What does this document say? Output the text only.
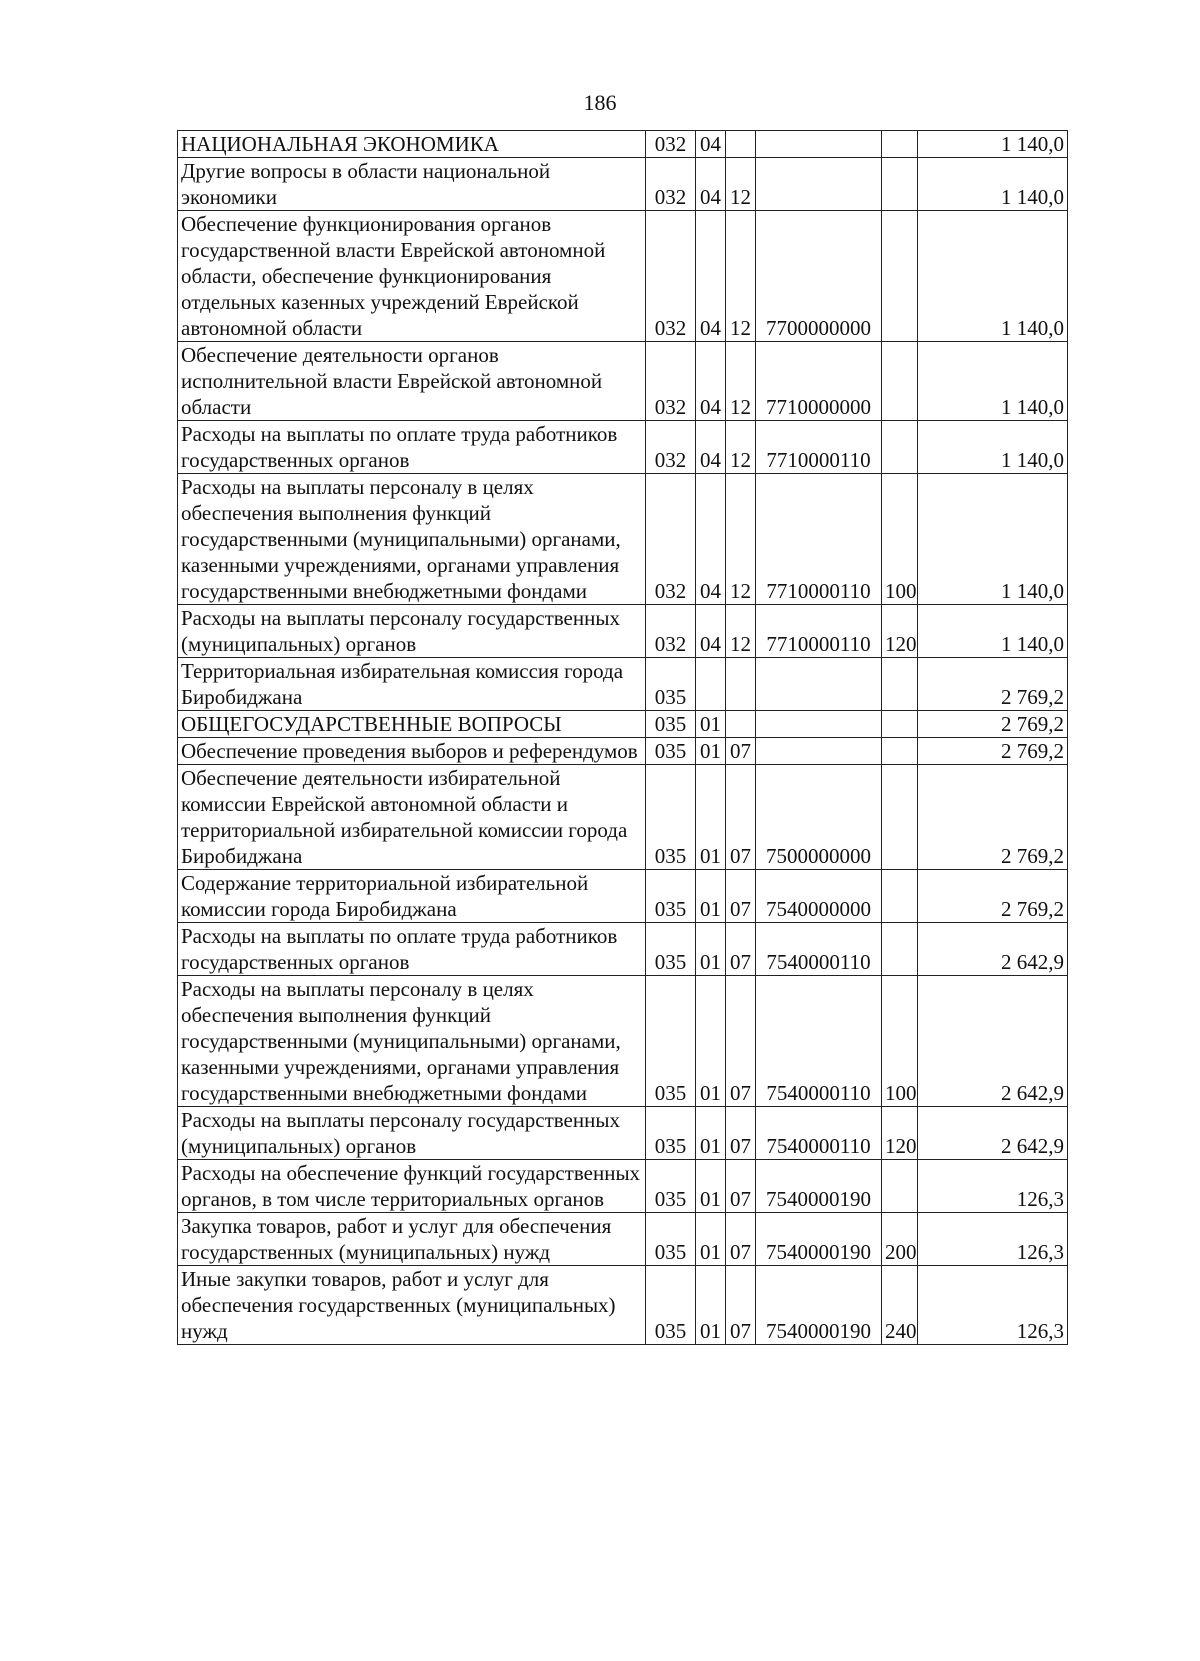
186
НАЦИОНАЛЬНАЯ ЭКОНОМИКА	032	04				1 140,0
Другие вопросы в области национальной экономики	032	04	12			1 140,0
Обеспечение функционирования органов государственной власти Еврейской автономной области, обеспечение функционирования отдельных казенных учреждений Еврейской автономной области	032	04	12	7700000000		1 140,0
Обеспечение деятельности органов исполнительной власти Еврейской автономной области	032	04	12	7710000000		1 140,0
Расходы на выплаты по оплате труда работников государственных органов	032	04	12	7710000110		1 140,0
Расходы на выплаты персоналу в целях обеспечения выполнения функций государственными (муниципальными) органами, казенными учреждениями, органами управления государственными внебюджетными фондами	032	04	12	7710000110	100	1 140,0
Расходы на выплаты персоналу государственных (муниципальных) органов	032	04	12	7710000110	120	1 140,0
Территориальная избирательная комиссия города Биробиджана	035					2 769,2
ОБЩЕГОСУДАРСТВЕННЫЕ ВОПРОСЫ	035	01				2 769,2
Обеспечение проведения выборов и референдумов	035	01	07			2 769,2
Обеспечение деятельности избирательной комиссии Еврейской автономной области и территориальной избирательной комиссии города Биробиджана	035	01	07	7500000000		2 769,2
Содержание территориальной избирательной комиссии города Биробиджана	035	01	07	7540000000		2 769,2
Расходы на выплаты по оплате труда работников государственных органов	035	01	07	7540000110		2 642,9
Расходы на выплаты персоналу в целях обеспечения выполнения функций государственными (муниципальными) органами, казенными учреждениями, органами управления государственными внебюджетными фондами	035	01	07	7540000110	100	2 642,9
Расходы на выплаты персоналу государственных (муниципальных) органов	035	01	07	7540000110	120	2 642,9
Расходы на обеспечение функций государственных органов, в том числе территориальных органов	035	01	07	7540000190		126,3
Закупка товаров, работ и услуг для обеспечения государственных (муниципальных) нужд	035	01	07	7540000190	200	126,3
Иные закупки товаров, работ и услуг для обеспечения государственных (муниципальных) нужд	035	01	07	7540000190	240	126,3
